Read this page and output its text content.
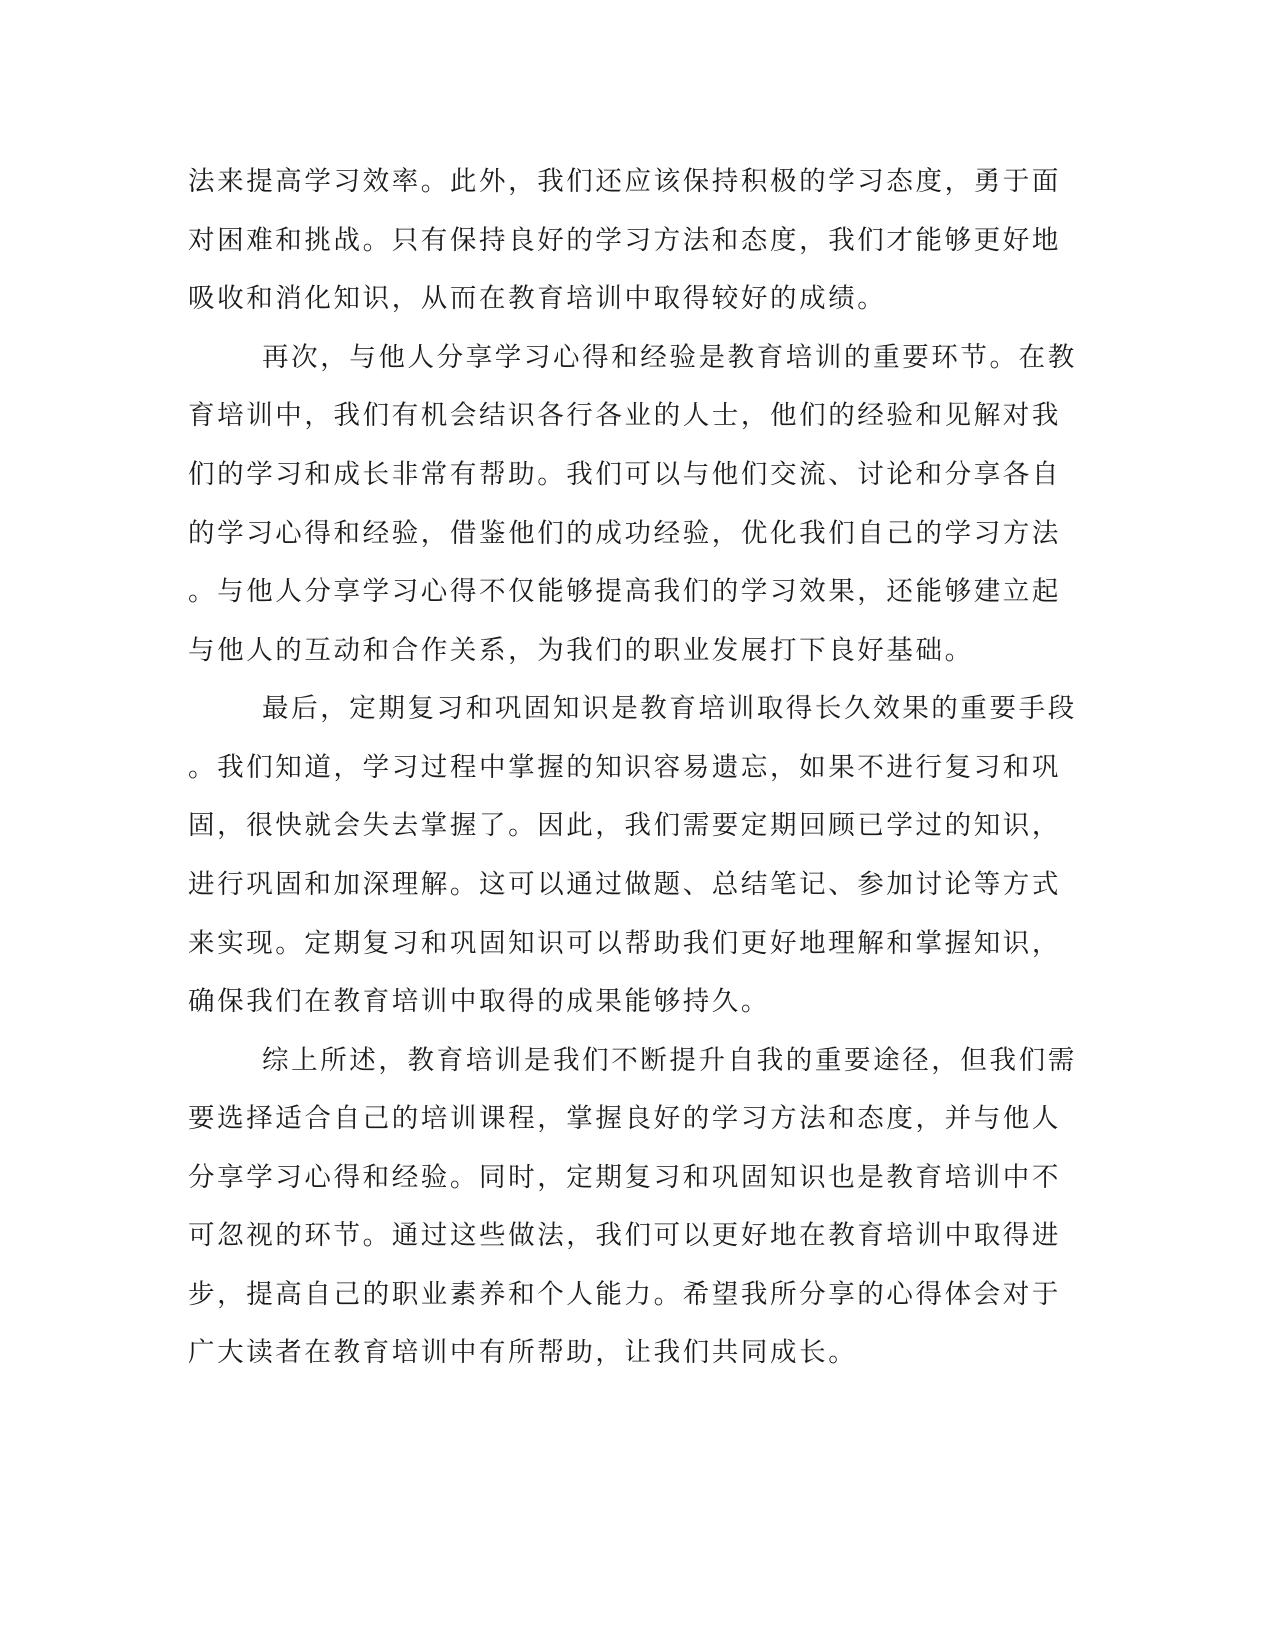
法来提高学习效率。此外，我们还应该保持积极的学习态度，勇于面
对困难和挑战。只有保持良好的学习方法和态度，我们才能够更好地
吸收和消化知识，从而在教育培训中取得较好的成绩。
再次，与他人分享学习心得和经验是教育培训的重要环节。在教
育培训中，我们有机会结识各行各业的人士，他们的经验和见解对我
们的学习和成长非常有帮助。我们可以与他们交流、讨论和分享各自
的学习心得和经验，借鉴他们的成功经验，优化我们自己的学习方法
。与他人分享学习心得不仅能够提高我们的学习效果，还能够建立起
与他人的互动和合作关系，为我们的职业发展打下良好基础。
最后，定期复习和巩固知识是教育培训取得长久效果的重要手段
。我们知道，学习过程中掌握的知识容易遗忘，如果不进行复习和巩
固，很快就会失去掌握了。因此，我们需要定期回顾已学过的知识，
进行巩固和加深理解。这可以通过做题、总结笔记、参加讨论等方式
来实现。定期复习和巩固知识可以帮助我们更好地理解和掌握知识，
确保我们在教育培训中取得的成果能够持久。
综上所述，教育培训是我们不断提升自我的重要途径，但我们需
要选择适合自己的培训课程，掌握良好的学习方法和态度，并与他人
分享学习心得和经验。同时，定期复习和巩固知识也是教育培训中不
可忽视的环节。通过这些做法，我们可以更好地在教育培训中取得进
步，提高自己的职业素养和个人能力。希望我所分享的心得体会对于
广大读者在教育培训中有所帮助，让我们共同成长。
